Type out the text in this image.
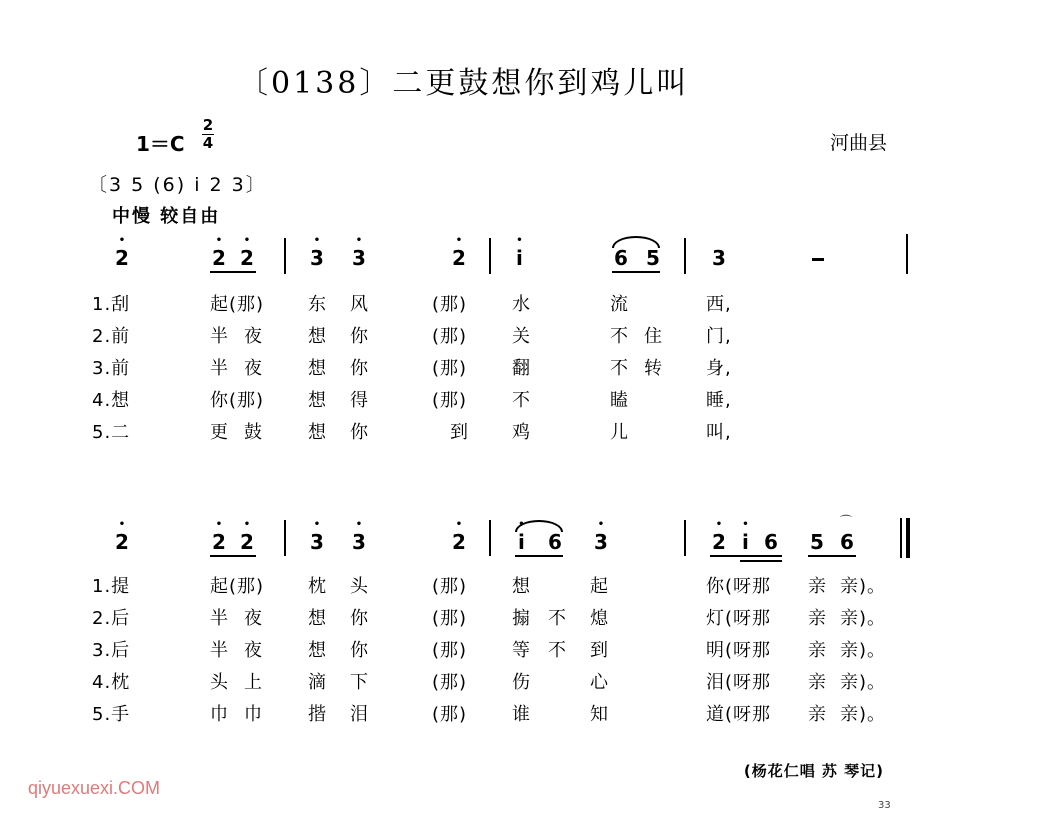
〔0138〕二更鼓想你到鸡儿叫
1＝C
2
4	河曲县
〔3 5 (6) i 2 3〕
中慢 较自由
• 2	• 2 • 2	• 3 • 3	• 2	• i	6 5	3
1.刮	起(那) 东 风	(那) 水	流	西,
2.前	半 夜	想 你	(那) 关	不 住 门,
3.前	半 夜	想 你	(那) 翻	不 转 身,
4.想	你(那) 想 得	(那) 不	瞌	睡,
5.二	更 鼓	想 你	到 鸡	儿	叫,
• 2	• 2 • 2	• 3 • 3	• 2	• i 6 • 3	• 2 • i 6 5 6
⌒
1.提	起(那) 枕 头	(那) 想	起	你(呀那 亲 亲)。
2.后	半 夜	想 你	(那) 搧 不 熄	灯(呀那 亲 亲)。
3.后	半 夜	想 你	(那) 等 不 到	明(呀那 亲 亲)。
4.枕	头 上	滴 下	(那) 伤	心	泪(呀那 亲 亲)。
5.手	巾 巾	揩 泪	(那) 谁	知	道(呀那 亲 亲)。
(杨花仁唱 苏 琴记)
qiyuexuexi.COM
33
